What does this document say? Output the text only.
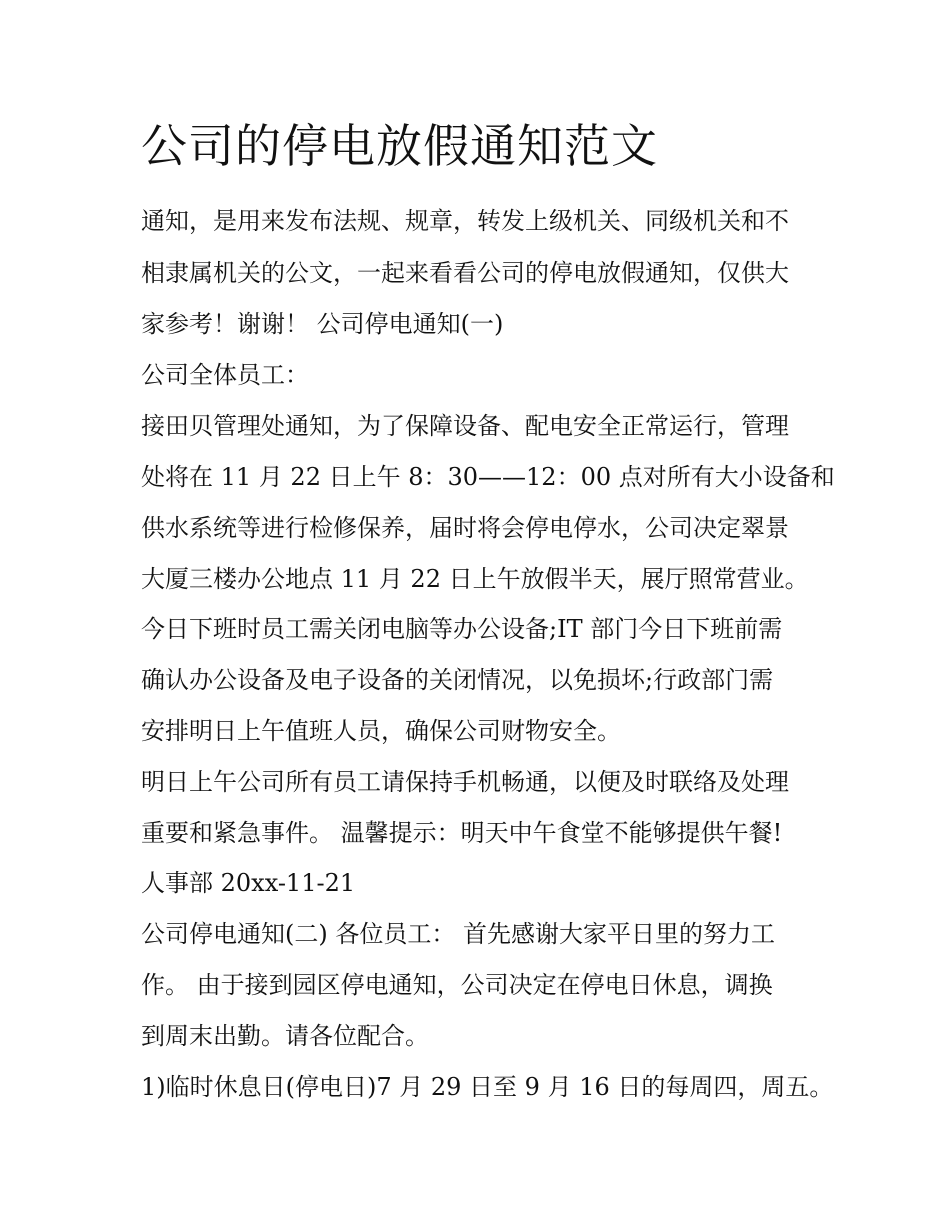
公司的停电放假通知范文

通知，是用来发布法规、规章，转发上级机关、同级机关和不

相隶属机关的公文，一起来看看公司的停电放假通知，仅供大

家参考！谢谢！ 公司停电通知(一)

公司全体员工：

接田贝管理处通知，为了保障设备、配电安全正常运行，管理

处将在 11 月 22 日上午 8：30——12：00 点对所有大小设备和

供水系统等进行检修保养，届时将会停电停水，公司决定翠景

大厦三楼办公地点 11 月 22 日上午放假半天，展厅照常营业。

今日下班时员工需关闭电脑等办公设备;IT 部门今日下班前需

确认办公设备及电子设备的关闭情况，以免损坏;行政部门需

安排明日上午值班人员，确保公司财物安全。

明日上午公司所有员工请保持手机畅通，以便及时联络及处理

重要和紧急事件。 温馨提示：明天中午食堂不能够提供午餐!

人事部 20xx-11-21

公司停电通知(二) 各位员工： 首先感谢大家平日里的努力工

作。 由于接到园区停电通知，公司决定在停电日休息，调换

到周末出勤。请各位配合。

1)临时休息日(停电日)7 月 29 日至 9 月 16 日的每周四，周五。
